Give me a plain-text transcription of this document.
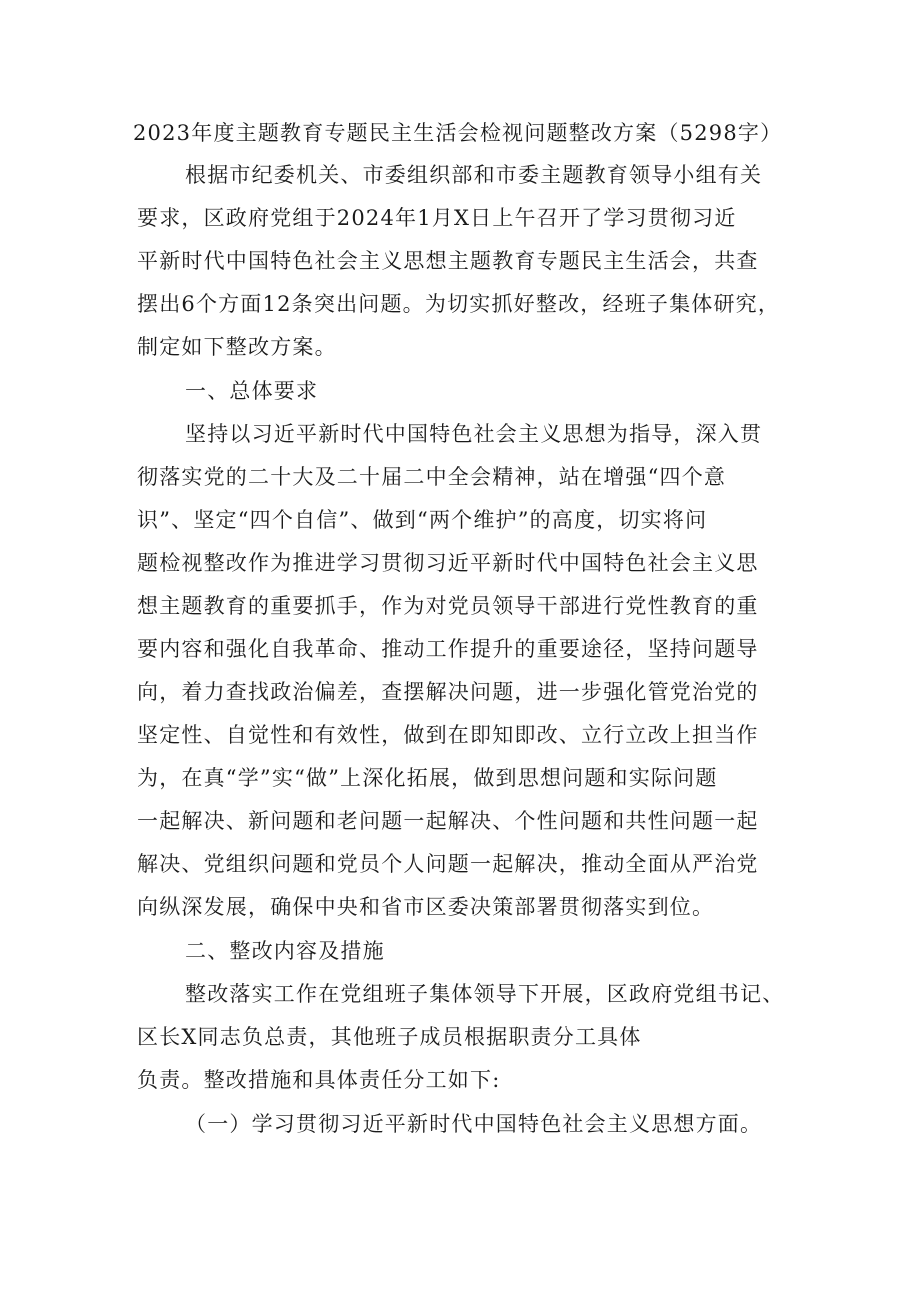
2023年度主题教育专题民主生活会检视问题整改方案（5298字）
根据市纪委机关、市委组织部和市委主题教育领导小组有关
要求，区政府党组于2024年1月X日上午召开了学习贯彻习近
平新时代中国特色社会主义思想主题教育专题民主生活会，共查
摆出6个方面12条突出问题。为切实抓好整改，经班子集体研究，
制定如下整改方案。
一、总体要求
坚持以习近平新时代中国特色社会主义思想为指导，深入贯
彻落实党的二十大及二十届二中全会精神，站在增强“四个意
识”、坚定“四个自信”、做到“两个维护”的高度，切实将问
题检视整改作为推进学习贯彻习近平新时代中国特色社会主义思
想主题教育的重要抓手，作为对党员领导干部进行党性教育的重
要内容和强化自我革命、推动工作提升的重要途径，坚持问题导
向，着力查找政治偏差，查摆解决问题，进一步强化管党治党的
坚定性、自觉性和有效性，做到在即知即改、立行立改上担当作
为，在真“学”实“做”上深化拓展，做到思想问题和实际问题
一起解决、新问题和老问题一起解决、个性问题和共性问题一起
解决、党组织问题和党员个人问题一起解决，推动全面从严治党
向纵深发展，确保中央和省市区委决策部署贯彻落实到位。
二、整改内容及措施
整改落实工作在党组班子集体领导下开展，区政府党组书记、
区长X同志负总责，其他班子成员根据职责分工具体
负责。整改措施和具体责任分工如下:
（一）学习贯彻习近平新时代中国特色社会主义思想方面。
